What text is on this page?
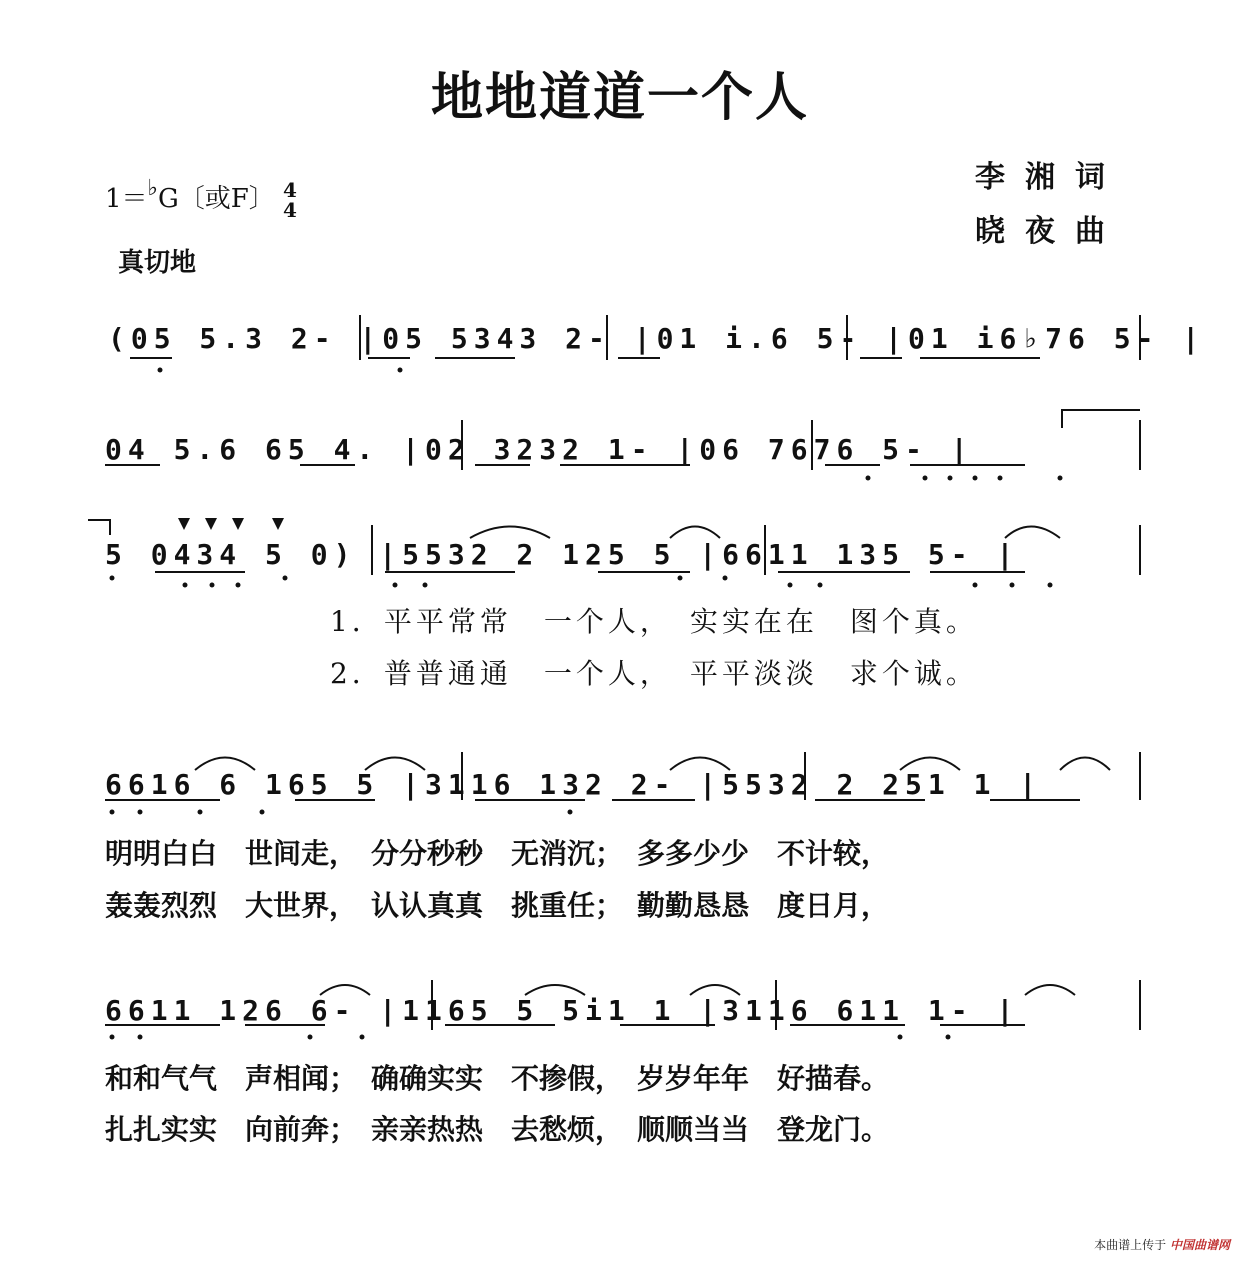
地地道道一个人
李湘词
晓夜曲
1＝♭G〔或F〕 4
4
真切地
(05 5.3 2- |05 5343 2- |01 i.6 5- |01 i6♭76 5- |
04 5.6 65 4. |02 3232 1- |06 7676 5- |
5 0434 5 0) |5532 2 125 5 |6611 135 5- |
1．平平常常　一个人，　实实在在　图个真。
2．普普通通　一个人，　平平淡淡　求个诚。
6616 6 165 5 |3116 132 2- |5532 2 251 1 |
明明白白　世间走，　分分秒秒　无消沉；　多多少少　不计较，
轰轰烈烈　大世界，　认认真真　挑重任；　勤勤恳恳　度日月，
6611 126 6- |1165 5 5i1 1 |3116 611 1- |
和和气气　声相闻；　确确实实　不掺假，　岁岁年年　好描春。
扎扎实实　向前奔；　亲亲热热　去愁烦，　顺顺当当　登龙门。
本曲谱上传于 中国曲谱网
